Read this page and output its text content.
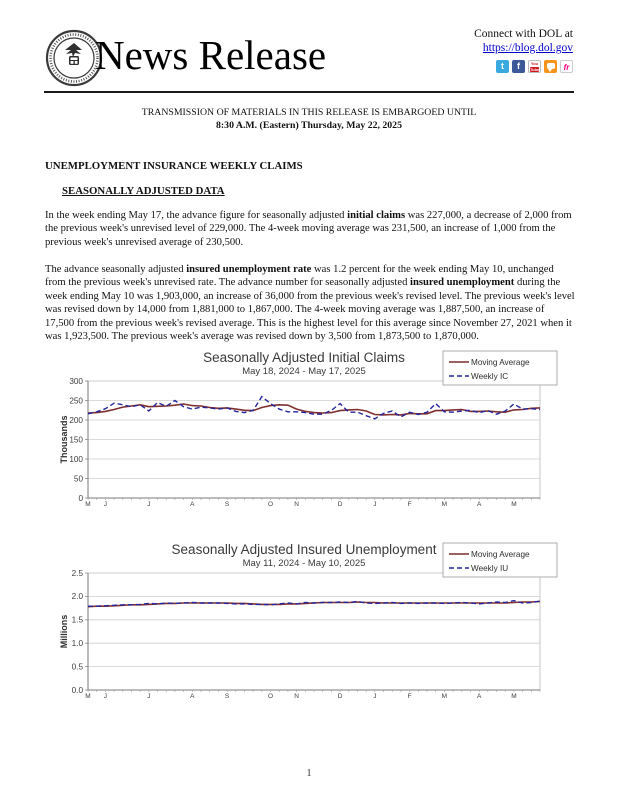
News Release	Connect with DOL at
https://blog.dol.gov
t	f	You
Tube	fr
TRANSMISSION OF MATERIALS IN THIS RELEASE IS EMBARGOED UNTIL
8:30 A.M. (Eastern) Thursday, May 22, 2025
UNEMPLOYMENT INSURANCE WEEKLY CLAIMS
SEASONALLY ADJUSTED DATA
In the week ending May 17, the advance figure for seasonally adjusted initial claims was 227,000, a decrease of 2,000 from the previous week's unrevised level of 229,000. The 4-week moving average was 231,500, an increase of 1,000 from the previous week's unrevised average of 230,500.
The advance seasonally adjusted insured unemployment rate was 1.2 percent for the week ending May 10, unchanged from the previous week's unrevised rate. The advance number for seasonally adjusted insured unemployment during the week ending May 10 was 1,903,000, an increase of 36,000 from the previous week's revised level. The previous week's level was revised down by 14,000 from 1,881,000 to 1,867,000. The 4-week moving average was 1,887,500, an increase of 17,500 from the previous week's revised average. This is the highest level for this average since November 27, 2021 when it was 1,923,500. The previous week's average was revised down by 3,500 from 1,873,500 to 1,870,000.
Seasonally Adjusted Initial Claims
May 18, 2024 - May 17, 2025
0
50
100
150
200
250
300
M J	J	A	S	O	N	D	J	F	M	A	M
Thousands
Moving Average
Weekly IC
Seasonally Adjusted Insured Unemployment
May 11, 2024 - May 10, 2025
0.0
0.5
1.0
1.5
2.0
2.5
M J	J	A	S	O	N	D	J	F	M	A	M
Millions
Moving Average
Weekly IU
1
